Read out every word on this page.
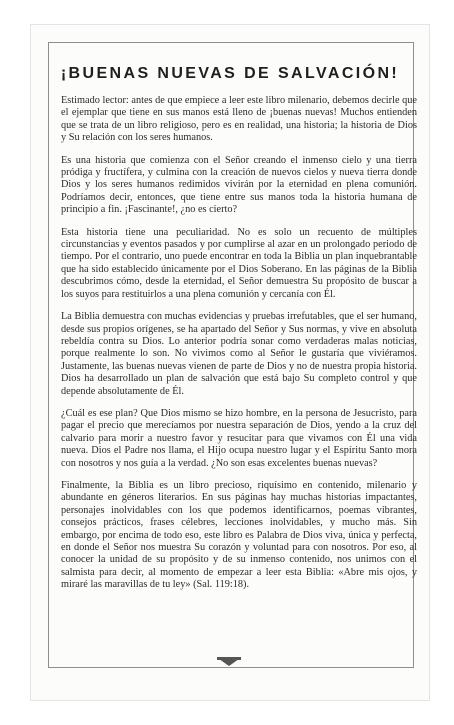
¡BUENAS NUEVAS DE SALVACIÓN!

Estimado lector: antes de que empiece a leer este libro milenario, debemos decirle que el ejemplar que tiene en sus manos está lleno de ¡buenas nuevas! Muchos entienden que se trata de un libro religioso, pero es en realidad, una historia; la historia de Dios y Su relación con los seres humanos.

Es una historia que comienza con el Señor creando el inmenso cielo y una tierra pródiga y fructífera, y culmina con la creación de nuevos cielos y nueva tierra donde Dios y los seres humanos redimidos vivirán por la eternidad en plena comunión. Podríamos decir, entonces, que tiene entre sus manos toda la historia humana de principio a fin. ¡Fascinante!, ¿no es cierto?

Esta historia tiene una peculiaridad. No es solo un recuento de múltiples circunstancias y eventos pasados y por cumplirse al azar en un prolongado periodo de tiempo. Por el contrario, uno puede encontrar en toda la Biblia un plan inquebrantable que ha sido establecido únicamente por el Dios Soberano. En las páginas de la Biblia descubrimos cómo, desde la eternidad, el Señor demuestra Su propósito de buscar a los suyos para restituirlos a una plena comunión y cercanía con Él.

La Biblia demuestra con muchas evidencias y pruebas irrefutables, que el ser humano, desde sus propios orígenes, se ha apartado del Señor y Sus normas, y vive en absoluta rebeldía contra su Dios. Lo anterior podría sonar como verdaderas malas noticias, porque realmente lo son. No vivimos como al Señor le gustaría que viviéramos. Justamente, las buenas nuevas vienen de parte de Dios y no de nuestra propia historia. Dios ha desarrollado un plan de salvación que está bajo Su completo control y que depende absolutamente de Él.

¿Cuál es ese plan? Que Dios mismo se hizo hombre, en la persona de Jesucristo, para pagar el precio que merecíamos por nuestra separación de Dios, yendo a la cruz del calvario para morir a nuestro favor y resucitar para que vivamos con Él una vida nueva. Dios el Padre nos llama, el Hijo ocupa nuestro lugar y el Espíritu Santo mora con nosotros y nos guía a la verdad. ¿No son esas excelentes buenas nuevas?

Finalmente, la Biblia es un libro precioso, riquísimo en contenido, milenario y abundante en géneros literarios. En sus páginas hay muchas historias impactantes, personajes inolvidables con los que podemos identificarnos, poemas vibrantes, consejos prácticos, frases célebres, lecciones inolvidables, y mucho más. Sin embargo, por encima de todo eso, este libro es Palabra de Dios viva, única y perfecta, en donde el Señor nos muestra Su corazón y voluntad para con nosotros. Por eso, al conocer la unidad de su propósito y de su inmenso contenido, nos unimos con el salmista para decir, al momento de empezar a leer esta Biblia: «Abre mis ojos, y miraré las maravillas de tu ley» (Sal. 119:18).
